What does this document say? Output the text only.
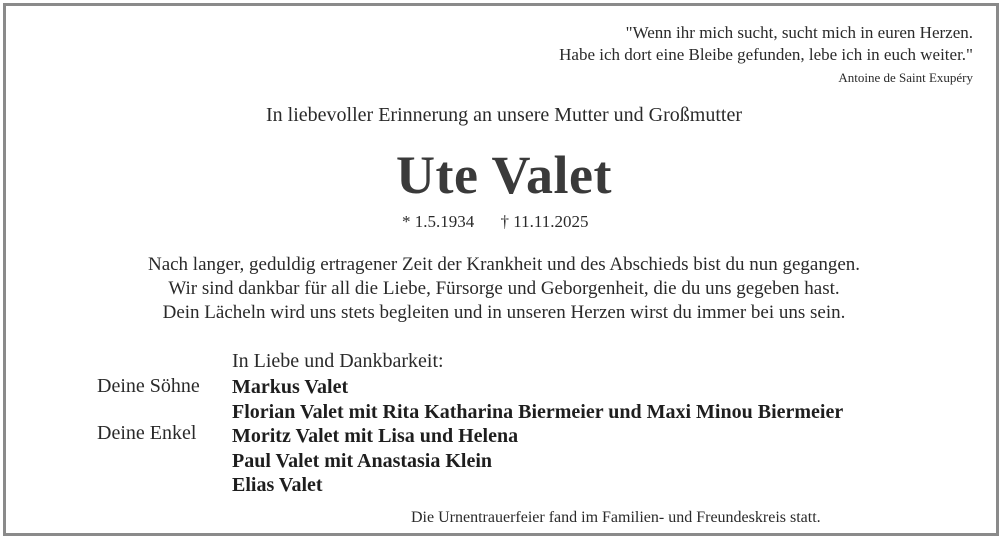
"Wenn ihr mich sucht, sucht mich in euren Herzen.
Habe ich dort eine Bleibe gefunden, lebe ich in euch weiter."
Antoine de Saint Exupéry
In liebevoller Erinnerung an unsere Mutter und Großmutter
Ute Valet
* 1.5.1934 † 11.11.2025
Nach langer, geduldig ertragener Zeit der Krankheit und des Abschieds bist du nun gegangen.
Wir sind dankbar für all die Liebe, Fürsorge und Geborgenheit, die du uns gegeben hast.
Dein Lächeln wird uns stets begleiten und in unseren Herzen wirst du immer bei uns sein.
In Liebe und Dankbarkeit:
Deine Söhne
Deine Enkel
Markus Valet
Florian Valet mit Rita Katharina Biermeier und Maxi Minou Biermeier
Moritz Valet mit Lisa und Helena
Paul Valet mit Anastasia Klein
Elias Valet
Die Urnentrauerfeier fand im Familien- und Freundeskreis statt.
